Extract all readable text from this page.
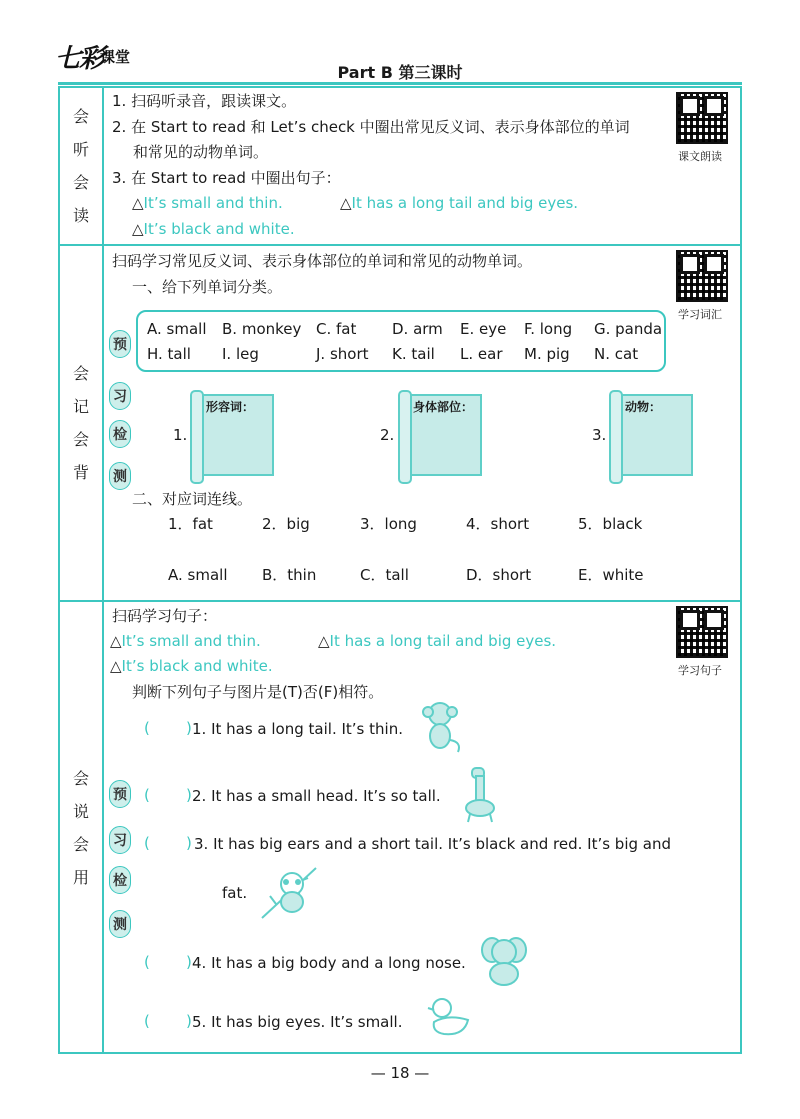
七彩
课堂
Part B 第三课时
会
听
会
读
会
记
会
背
会
说
会
用
1. 扫码听录音，跟读课文。
2. 在 Start to read 和 Let’s check 中圈出常见反义词、表示身体部位的单词
和常见的动物单词。
3. 在 Start to read 中圈出句子：
△It’s small and thin.	△It has a long tail and big eyes.
△It’s black and white.
课文朗读
扫码学习常见反义词、表示身体部位的单词和常见的动物单词。
一、给下列单词分类。
学习词汇
预
习
检
测
A. small B. monkey C. fat D. arm E. eye F. long G. panda
H. tall I. leg	J. short K. tail L. ear M. pig N. cat
1.
形容词：
2.
身体部位：
3.
动物：
二、对应词连线。
1．fat	2．big	3．long	4．short	5．black
A. small B．thin	C．tall	D．short	E．white
扫码学习句子：
△It’s small and thin.	△It has a long tail and big eyes.
△It’s black and white.
判断下列句子与图片是(T)否(F)相符。
学习句子
预
习
检
测
( ) 1. It has a long tail. It’s thin.
( ) 2. It has a small head. It’s so tall.
( ) 3. It has big ears and a short tail. It’s black and red. It’s big and
fat.
( ) 4. It has a big body and a long nose.
( ) 5. It has big eyes. It’s small.
— 18 —
